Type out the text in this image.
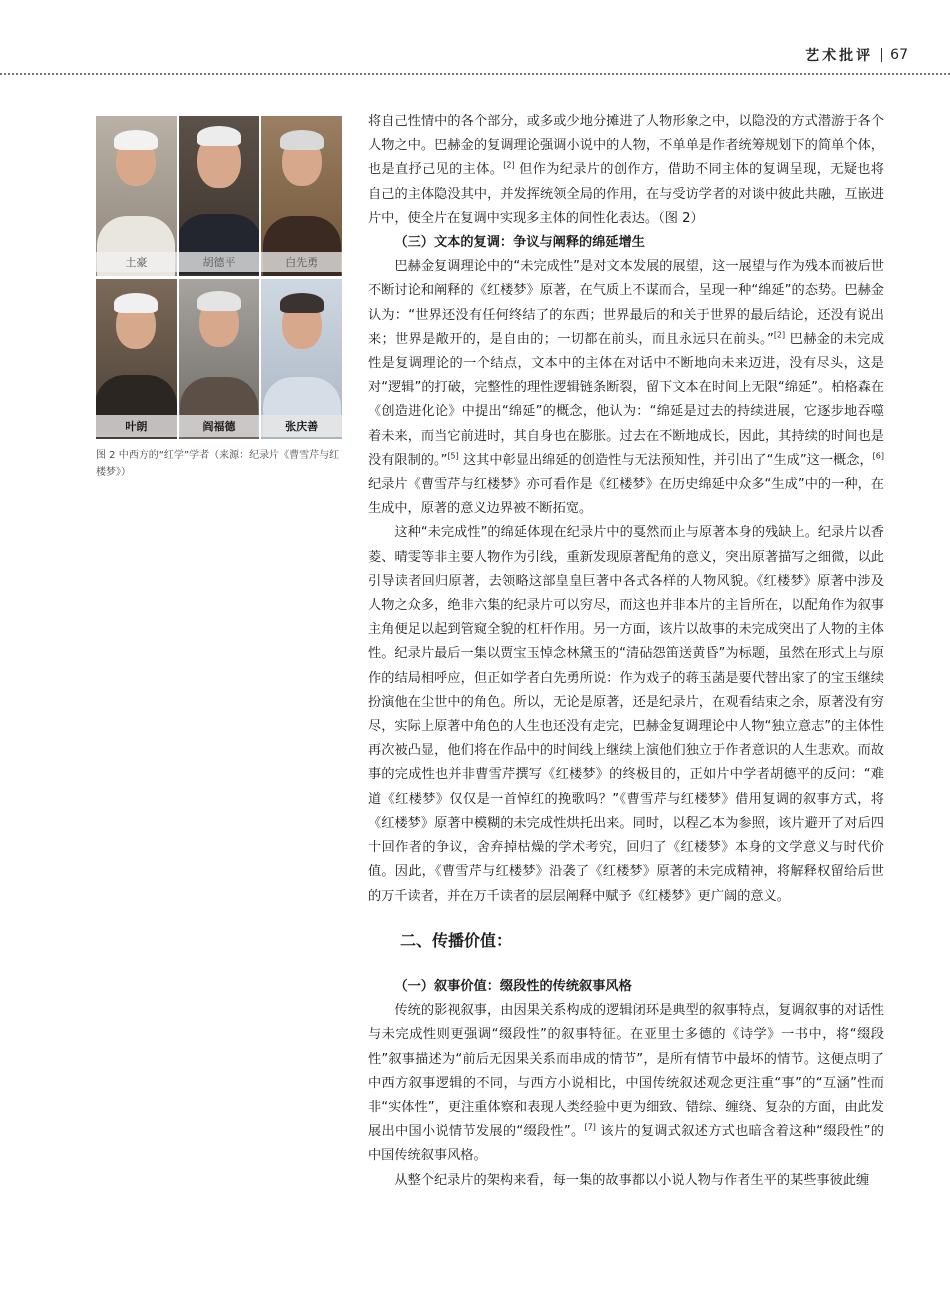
艺术批评 67
土豪	胡德平	白先勇
叶朗	阎福德	张庆善
图 2 中西方的“红学”学者（来源：纪录片《曹雪芹与红楼梦》）

将自己性情中的各个部分，或多或少地分摊进了人物形象之中，以隐没的方式潜游于各个人物之中。巴赫金的复调理论强调小说中的人物，不单单是作者统筹规划下的简单个体，也是直抒己见的主体。[2] 但作为纪录片的创作方，借助不同主体的复调呈现，无疑也将自己的主体隐没其中，并发挥统领全局的作用，在与受访学者的对谈中彼此共融，互嵌进片中，使全片在复调中实现多主体的间性化表达。（图 2）

（三）文本的复调：争议与阐释的绵延增生

巴赫金复调理论中的“未完成性”是对文本发展的展望，这一展望与作为残本而被后世不断讨论和阐释的《红楼梦》原著，在气质上不谋而合，呈现一种“绵延”的态势。巴赫金认为：“世界还没有任何终结了的东西；世界最后的和关于世界的最后结论，还没有说出来；世界是敞开的，是自由的；一切都在前头，而且永远只在前头。”[2] 巴赫金的未完成性是复调理论的一个结点，文本中的主体在对话中不断地向未来迈进，没有尽头，这是对“逻辑”的打破，完整性的理性逻辑链条断裂，留下文本在时间上无限“绵延”。柏格森在《创造进化论》中提出“绵延”的概念，他认为：“绵延是过去的持续进展，它逐步地吞噬着未来，而当它前进时，其自身也在膨胀。过去在不断地成长，因此，其持续的时间也是没有限制的。”[5] 这其中彰显出绵延的创造性与无法预知性，并引出了“生成”这一概念，[6] 纪录片《曹雪芹与红楼梦》亦可看作是《红楼梦》在历史绵延中众多“生成”中的一种，在生成中，原著的意义边界被不断拓宽。

这种“未完成性”的绵延体现在纪录片中的戛然而止与原著本身的残缺上。纪录片以香菱、晴雯等非主要人物作为引线，重新发现原著配角的意义，突出原著描写之细微，以此引导读者回归原著，去领略这部皇皇巨著中各式各样的人物风貌。《红楼梦》原著中涉及人物之众多，绝非六集的纪录片可以穷尽，而这也并非本片的主旨所在，以配角作为叙事主角便足以起到管窥全貌的杠杆作用。另一方面，该片以故事的未完成突出了人物的主体性。纪录片最后一集以贾宝玉悼念林黛玉的“清砧怨笛送黄昏”为标题，虽然在形式上与原作的结局相呼应，但正如学者白先勇所说：作为戏子的蒋玉菡是要代替出家了的宝玉继续扮演他在尘世中的角色。所以，无论是原著，还是纪录片，在观看结束之余，原著没有穷尽，实际上原著中角色的人生也还没有走完，巴赫金复调理论中人物“独立意志”的主体性再次被凸显，他们将在作品中的时间线上继续上演他们独立于作者意识的人生悲欢。而故事的完成性也并非曹雪芹撰写《红楼梦》的终极目的，正如片中学者胡德平的反问：“难道《红楼梦》仅仅是一首悼红的挽歌吗？”《曹雪芹与红楼梦》借用复调的叙事方式，将《红楼梦》原著中模糊的未完成性烘托出来。同时，以程乙本为参照，该片避开了对后四十回作者的争议，舍弃掉枯燥的学术考究，回归了《红楼梦》本身的文学意义与时代价值。因此，《曹雪芹与红楼梦》沿袭了《红楼梦》原著的未完成精神，将解释权留给后世的万千读者，并在万千读者的层层阐释中赋予《红楼梦》更广阔的意义。

二、传播价值：
（一）叙事价值：缀段性的传统叙事风格

传统的影视叙事，由因果关系构成的逻辑闭环是典型的叙事特点，复调叙事的对话性与未完成性则更强调“缀段性”的叙事特征。在亚里士多德的《诗学》一书中，将“缀段性”叙事描述为“前后无因果关系而串成的情节”，是所有情节中最坏的情节。这便点明了中西方叙事逻辑的不同，与西方小说相比，中国传统叙述观念更注重“事”的“互涵”性而非“实体性”，更注重体察和表现人类经验中更为细致、错综、缠绕、复杂的方面，由此发展出中国小说情节发展的“缀段性”。[7] 该片的复调式叙述方式也暗含着这种“缀段性”的中国传统叙事风格。

从整个纪录片的架构来看，每一集的故事都以小说人物与作者生平的某些事彼此缠
